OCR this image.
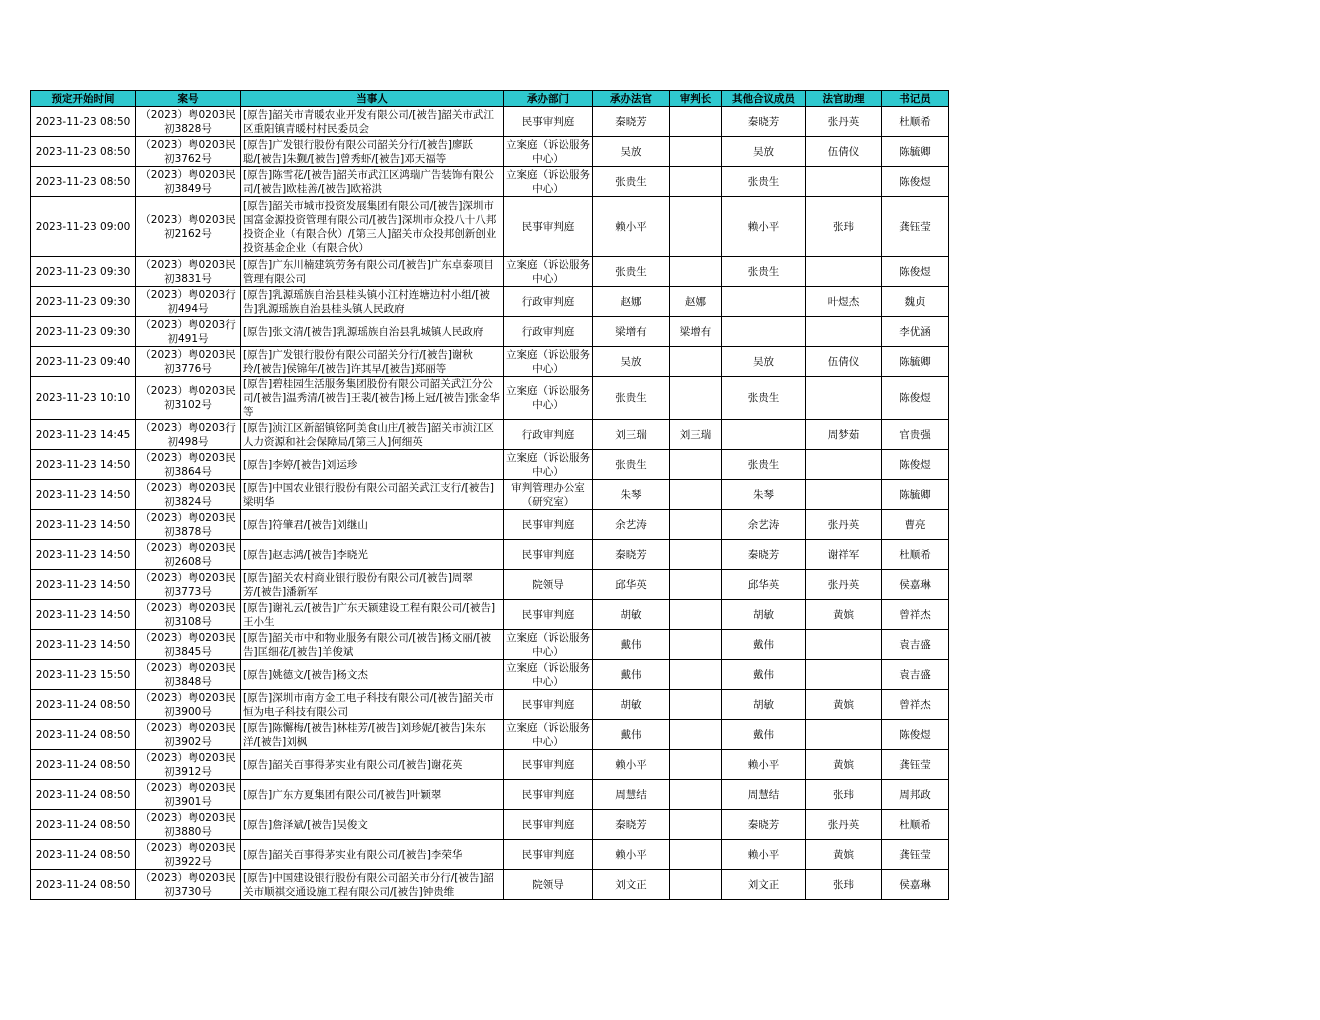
预定开始时间	案号	当事人	承办部门	承办法官	审判长	其他合议成员	法官助理	书记员
2023-11-23 08:50	（2023）粤0203民初3828号	[原告]韶关市青暖农业开发有限公司/[被告]韶关市武江区重阳镇青暖村村民委员会	民事审判庭	秦晓芳		秦晓芳	张丹英	杜顺希
2023-11-23 08:50	（2023）粤0203民初3762号	[原告]广发银行股份有限公司韶关分行/[被告]廖跃聪/[被告]朱觐/[被告]曾秀虾/[被告]邓天福等	立案庭（诉讼服务中心）	吴放		吴放	伍倩仪	陈毓卿
2023-11-23 08:50	（2023）粤0203民初3849号	[原告]陈雪花/[被告]韶关市武江区鸿瑞广告装饰有限公司/[被告]欧桂善/[被告]欧裕洪	立案庭（诉讼服务中心）	张贵生		张贵生		陈俊煜
2023-11-23 09:00	（2023）粤0203民初2162号	[原告]韶关市城市投资发展集团有限公司/[被告]深圳市国富金源投资管理有限公司/[被告]深圳市众投八十八邦投资企业（有限合伙）/[第三人]韶关市众投邦创新创业投资基金企业（有限合伙）	民事审判庭	赖小平		赖小平	张玮	龚钰莹
2023-11-23 09:30	（2023）粤0203民初3831号	[原告]广东川楠建筑劳务有限公司/[被告]广东卓泰项目管理有限公司	立案庭（诉讼服务中心）	张贵生		张贵生		陈俊煜
2023-11-23 09:30	（2023）粤0203行初494号	[原告]乳源瑶族自治县桂头镇小江村连塘边村小组/[被告]乳源瑶族自治县桂头镇人民政府	行政审判庭	赵娜	赵娜		叶煜杰	魏贞
2023-11-23 09:30	（2023）粤0203行初491号	[原告]张文清/[被告]乳源瑶族自治县乳城镇人民政府	行政审判庭	梁增有	梁增有			李优涵
2023-11-23 09:40	（2023）粤0203民初3776号	[原告]广发银行股份有限公司韶关分行/[被告]谢秋玲/[被告]侯锦年/[被告]许其早/[被告]郑丽等	立案庭（诉讼服务中心）	吴放		吴放	伍倩仪	陈毓卿
2023-11-23 10:10	（2023）粤0203民初3102号	[原告]碧桂园生活服务集团股份有限公司韶关武江分公司/[被告]温秀清/[被告]王裴/[被告]杨上冠/[被告]张金华等	立案庭（诉讼服务中心）	张贵生		张贵生		陈俊煜
2023-11-23 14:45	（2023）粤0203行初498号	[原告]浈江区新韶镇铭阿美食山庄/[被告]韶关市浈江区人力资源和社会保障局/[第三人]何细英	行政审判庭	刘三瑞	刘三瑞		周梦茹	官贵强
2023-11-23 14:50	（2023）粤0203民初3864号	[原告]李婷/[被告]刘运珍	立案庭（诉讼服务中心）	张贵生		张贵生		陈俊煜
2023-11-23 14:50	（2023）粤0203民初3824号	[原告]中国农业银行股份有限公司韶关武江支行/[被告]梁明华	审判管理办公室（研究室）	朱琴		朱琴		陈毓卿
2023-11-23 14:50	（2023）粤0203民初3878号	[原告]符肇君/[被告]刘继山	民事审判庭	余艺涛		余艺涛	张丹英	曹亮
2023-11-23 14:50	（2023）粤0203民初2608号	[原告]赵志鸿/[被告]李晓光	民事审判庭	秦晓芳		秦晓芳	谢祥军	杜顺希
2023-11-23 14:50	（2023）粤0203民初3773号	[原告]韶关农村商业银行股份有限公司/[被告]周翠芳/[被告]潘新军	院领导	邱华英		邱华英	张丹英	侯嘉琳
2023-11-23 14:50	（2023）粤0203民初3108号	[原告]谢礼云/[被告]广东天颍建设工程有限公司/[被告]王小生	民事审判庭	胡敏		胡敏	黄嫔	曾祥杰
2023-11-23 14:50	（2023）粤0203民初3845号	[原告]韶关市中和物业服务有限公司/[被告]杨文丽/[被告]匡细花/[被告]羊俊斌	立案庭（诉讼服务中心）	戴伟		戴伟		袁吉盛
2023-11-23 15:50	（2023）粤0203民初3848号	[原告]姚德文/[被告]杨文杰	立案庭（诉讼服务中心）	戴伟		戴伟		袁吉盛
2023-11-24 08:50	（2023）粤0203民初3900号	[原告]深圳市南方金工电子科技有限公司/[被告]韶关市恒为电子科技有限公司	民事审判庭	胡敏		胡敏	黄嫔	曾祥杰
2023-11-24 08:50	（2023）粤0203民初3902号	[原告]陈懈梅/[被告]林桂芳/[被告]刘珍妮/[被告]朱东洋/[被告]刘枫	立案庭（诉讼服务中心）	戴伟		戴伟		陈俊煜
2023-11-24 08:50	（2023）粤0203民初3912号	[原告]韶关百事得茅实业有限公司/[被告]谢花英	民事审判庭	赖小平		赖小平	黄嫔	龚钰莹
2023-11-24 08:50	（2023）粤0203民初3901号	[原告]广东方夏集团有限公司/[被告]叶颖翠	民事审判庭	周慧结		周慧结	张玮	周邦政
2023-11-24 08:50	（2023）粤0203民初3880号	[原告]詹泽斌/[被告]吴俊文	民事审判庭	秦晓芳		秦晓芳	张丹英	杜顺希
2023-11-24 08:50	（2023）粤0203民初3922号	[原告]韶关百事得茅实业有限公司/[被告]李荣华	民事审判庭	赖小平		赖小平	黄嫔	龚钰莹
2023-11-24 08:50	（2023）粤0203民初3730号	[原告]中国建设银行股份有限公司韶关市分行/[被告]韶关市顺祺交通设施工程有限公司/[被告]钟贵维	院领导	刘文正		刘文正	张玮	侯嘉琳
